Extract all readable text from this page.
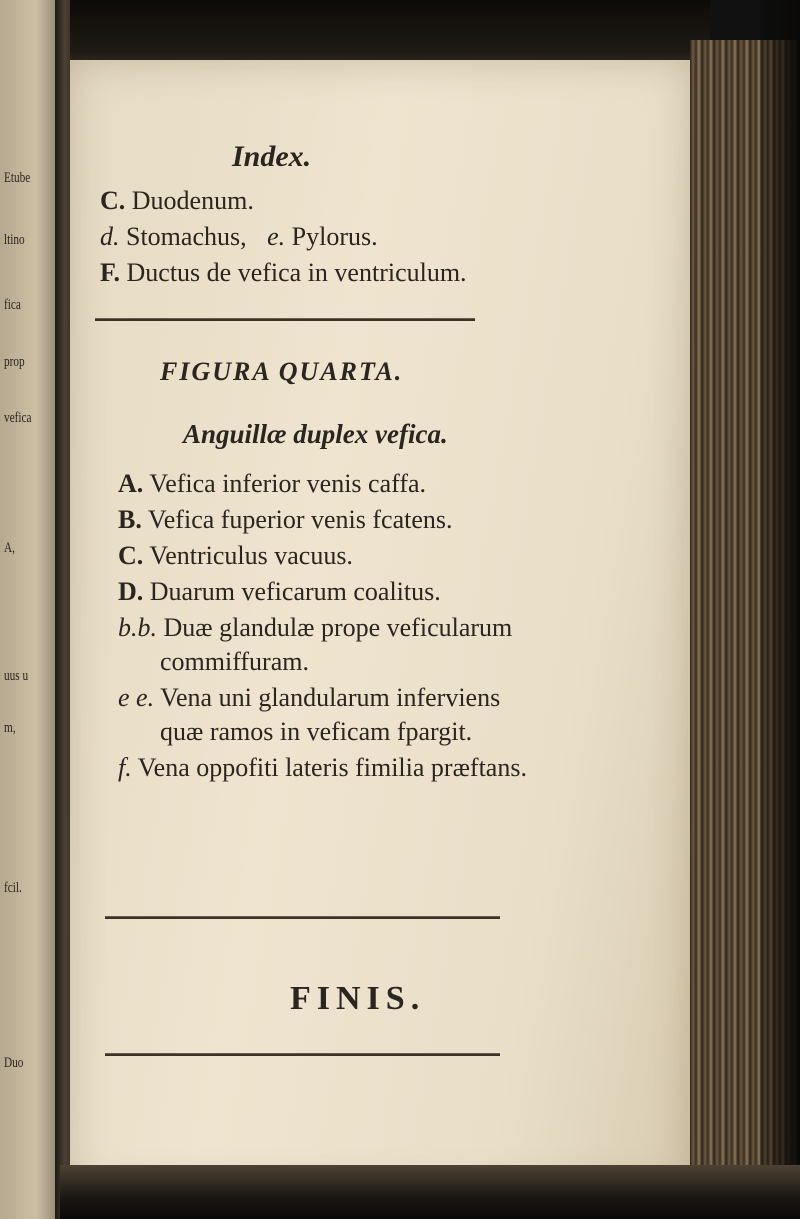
Etube
ltino
fica
prop
vefica
A,
uus u
m,
fcil.
Duo
Index.
C. Duodenum.
d. Stomachus, e. Pylorus.
F. Ductus de vefica in ventriculum.
FIGURA QUARTA.
Anguillæ duplex vefica.
A. Vefica inferior venis caffa.
B. Vefica fuperior venis fcatens.
C. Ventriculus vacuus.
D. Duarum veficarum coalitus.
b.b. Duæ glandulæ prope veficularum
commiffuram.
e e. Vena uni glandularum inferviens
quæ ramos in veficam fpargit.
f. Vena oppofiti lateris fimilia præftans.
FINIS.
